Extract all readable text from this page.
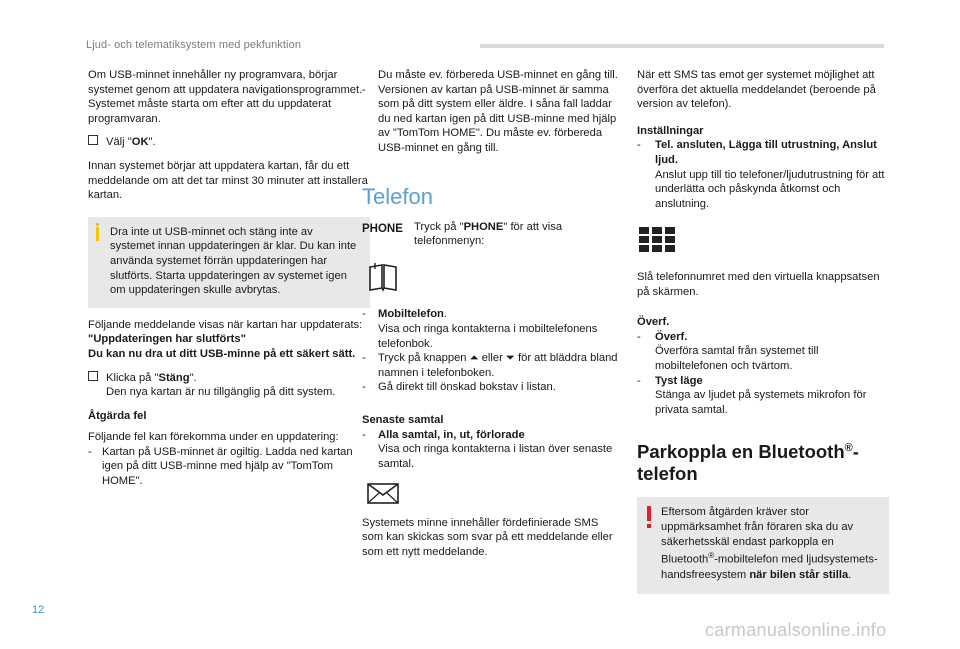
Ljud- och telematiksystem med pekfunktion

Om USB-minnet innehåller ny programvara, börjar systemet genom att uppdatera navigationsprogrammet. Systemet måste starta om efter att du uppdaterat programvaran.

Välj "OK".

Innan systemet börjar att uppdatera kartan, får du ett meddelande om att det tar minst 30 minuter att installera kartan.

Dra inte ut USB-minnet och stäng inte av systemet innan uppdateringen är klar. Du kan inte använda systemet förrän uppdateringen har slutförts. Starta uppdateringen av systemet igen om uppdateringen skulle avbrytas.

Följande meddelande visas när kartan har uppdaterats:

"Uppdateringen har slutförts"

Du kan nu dra ut ditt USB-minne på ett säkert sätt.

Klicka på "Stäng".

Den nya kartan är nu tillgänglig på ditt system.

Åtgärda fel

Följande fel kan förekomma under en uppdatering:

- Kartan på USB-minnet är ogiltig. Ladda ned kartan igen på ditt USB-minne med hjälp av "TomTom HOME".

Du måste ev. förbereda USB-minnet en gång till.

-	Versionen av kartan på USB-minnet är samma som på ditt system eller äldre. I såna fall laddar du ned kartan igen på ditt USB-minne med hjälp av "TomTom HOME". Du måste ev. förbereda USB-minnet en gång till.
Telefon
PHONE Tryck på "PHONE" för att visa telefonmenyn:
-	Mobiltelefon.
Visa och ringa kontakterna i mobiltelefonens telefonbok.
-	Tryck på knappen ⏶ eller ⏷ för att bläddra bland namnen i telefonboken.
-	Gå direkt till önskad bokstav i listan.

Senaste samtal

-	Alla samtal, in, ut, förlorade
Visa och ringa kontakterna i listan över senaste samtal.

Systemets minne innehåller fördefinierade SMS som kan skickas som svar på ett meddelande eller som ett nytt meddelande.

När ett SMS tas emot ger systemet möjlighet att överföra det aktuella meddelandet (beroende på version av telefon).

Inställningar

-	Tel. ansluten, Lägga till utrustning, Anslut ljud.
Anslut upp till tio telefoner/ljudutrustning för att underlätta och påskynda åtkomst och anslutning.

Slå telefonnumret med den virtuella knappsatsen på skärmen.

Överf.

-	Överf.
Överföra samtal från systemet till mobiltelefonen och tvärtom.
-	Tyst läge
Stänga av ljudet på systemets mikrofon för privata samtal.
Parkoppla en Bluetooth®-
telefon

Eftersom åtgärden kräver stor uppmärksamhet från föraren ska du av säkerhetsskäl endast parkoppla en Bluetooth®-mobiltelefon med ljudsystemets-handsfreesystem när bilen står stilla.

12
carmanualsonline.info
